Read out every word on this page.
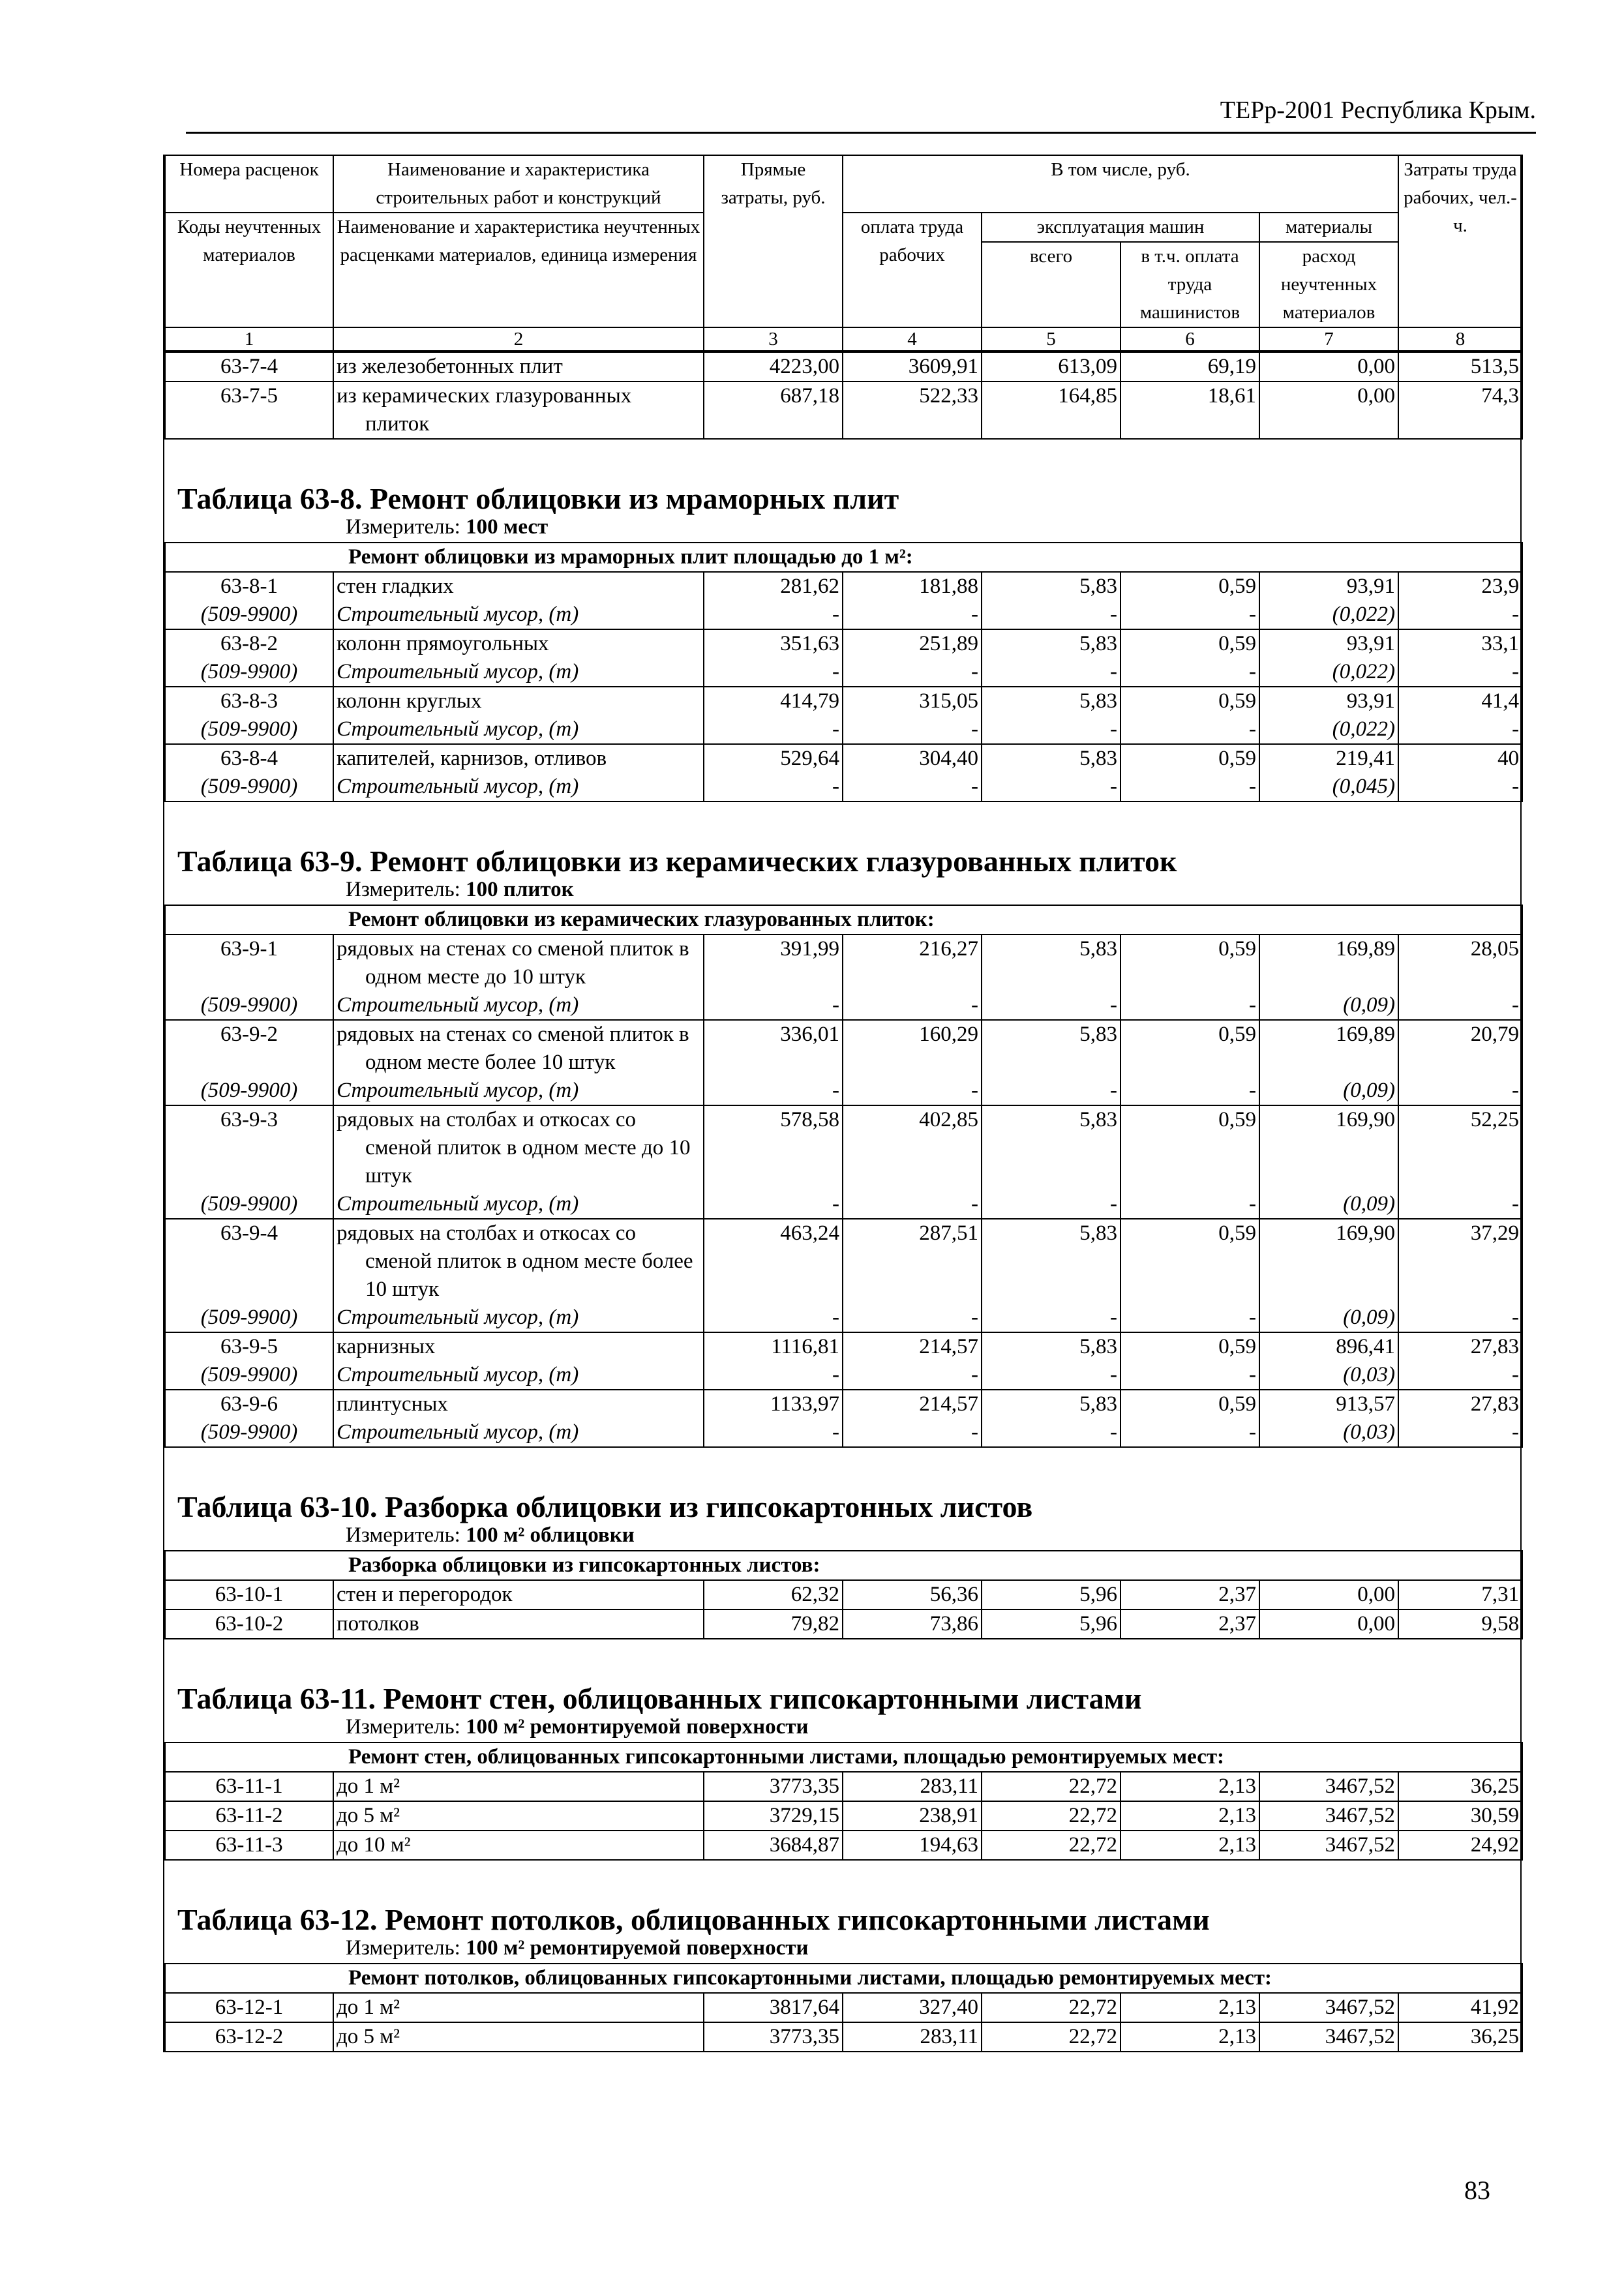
ТЕРр-2001 Республика Крым.
Номера расценок	Наименование и характеристика строительных работ и конструкций	Прямые затраты, руб.	В том числе, руб.				Затраты труда рабочих, чел.-ч.
Коды неучтенных материалов	Наименование и характеристика неучтенных расценками материалов, единица измерения		оплата труда рабочих	эксплуатация машин		материалы	
				всего	в т.ч. оплата труда машинистов	расход неучтенных материалов	
1	2	3	4	5	6	7	8
63-7-4	из железобетонных плит	4223,00	3609,91	613,09	69,19	0,00	513,5
63-7-5	из керамических глазурованных плиток	687,18	522,33	164,85	18,61	0,00	74,3
Таблица 63-8. Ремонт облицовки из мраморных плит
Измеритель: 100 мест
Ремонт облицовки из мраморных плит площадью до 1 м²:							
63-8-1	стен гладких	281,62	181,88	5,83	0,59	93,91	23,9
(509-9900)	Строительный мусор, (т)	-	-	-	-	(0,022)	-
63-8-2	колонн прямоугольных	351,63	251,89	5,83	0,59	93,91	33,1
(509-9900)	Строительный мусор, (т)	-	-	-	-	(0,022)	-
63-8-3	колонн круглых	414,79	315,05	5,83	0,59	93,91	41,4
(509-9900)	Строительный мусор, (т)	-	-	-	-	(0,022)	-
63-8-4	капителей, карнизов, отливов	529,64	304,40	5,83	0,59	219,41	40
(509-9900)	Строительный мусор, (т)	-	-	-	-	(0,045)	-
Таблица 63-9. Ремонт облицовки из керамических глазурованных плиток
Измеритель: 100 плиток
Ремонт облицовки из керамических глазурованных плиток:							
63-9-1	рядовых на стенах со сменой плиток в одном месте до 10 штук	391,99	216,27	5,83	0,59	169,89	28,05
(509-9900)	Строительный мусор, (т)	-	-	-	-	(0,09)	-
63-9-2	рядовых на стенах со сменой плиток в одном месте более 10 штук	336,01	160,29	5,83	0,59	169,89	20,79
(509-9900)	Строительный мусор, (т)	-	-	-	-	(0,09)	-
63-9-3	рядовых на столбах и откосах со сменой плиток в одном месте до 10 штук	578,58	402,85	5,83	0,59	169,90	52,25
(509-9900)	Строительный мусор, (т)	-	-	-	-	(0,09)	-
63-9-4	рядовых на столбах и откосах со сменой плиток в одном месте более 10 штук	463,24	287,51	5,83	0,59	169,90	37,29
(509-9900)	Строительный мусор, (т)	-	-	-	-	(0,09)	-
63-9-5	карнизных	1116,81	214,57	5,83	0,59	896,41	27,83
(509-9900)	Строительный мусор, (т)	-	-	-	-	(0,03)	-
63-9-6	плинтусных	1133,97	214,57	5,83	0,59	913,57	27,83
(509-9900)	Строительный мусор, (т)	-	-	-	-	(0,03)	-
Таблица 63-10. Разборка облицовки из гипсокартонных листов
Измеритель: 100 м² облицовки
Разборка облицовки из гипсокартонных листов:							
63-10-1	стен и перегородок	62,32	56,36	5,96	2,37	0,00	7,31
63-10-2	потолков	79,82	73,86	5,96	2,37	0,00	9,58
Таблица 63-11. Ремонт стен, облицованных гипсокартонными листами
Измеритель: 100 м² ремонтируемой поверхности
Ремонт стен, облицованных гипсокартонными листами, площадью ремонтируемых мест:							
63-11-1	до 1 м²	3773,35	283,11	22,72	2,13	3467,52	36,25
63-11-2	до 5 м²	3729,15	238,91	22,72	2,13	3467,52	30,59
63-11-3	до 10 м²	3684,87	194,63	22,72	2,13	3467,52	24,92
Таблица 63-12. Ремонт потолков, облицованных гипсокартонными листами
Измеритель: 100 м² ремонтируемой поверхности
Ремонт потолков, облицованных гипсокартонными листами, площадью ремонтируемых мест:							
63-12-1	до 1 м²	3817,64	327,40	22,72	2,13	3467,52	41,92
63-12-2	до 5 м²	3773,35	283,11	22,72	2,13	3467,52	36,25
83
